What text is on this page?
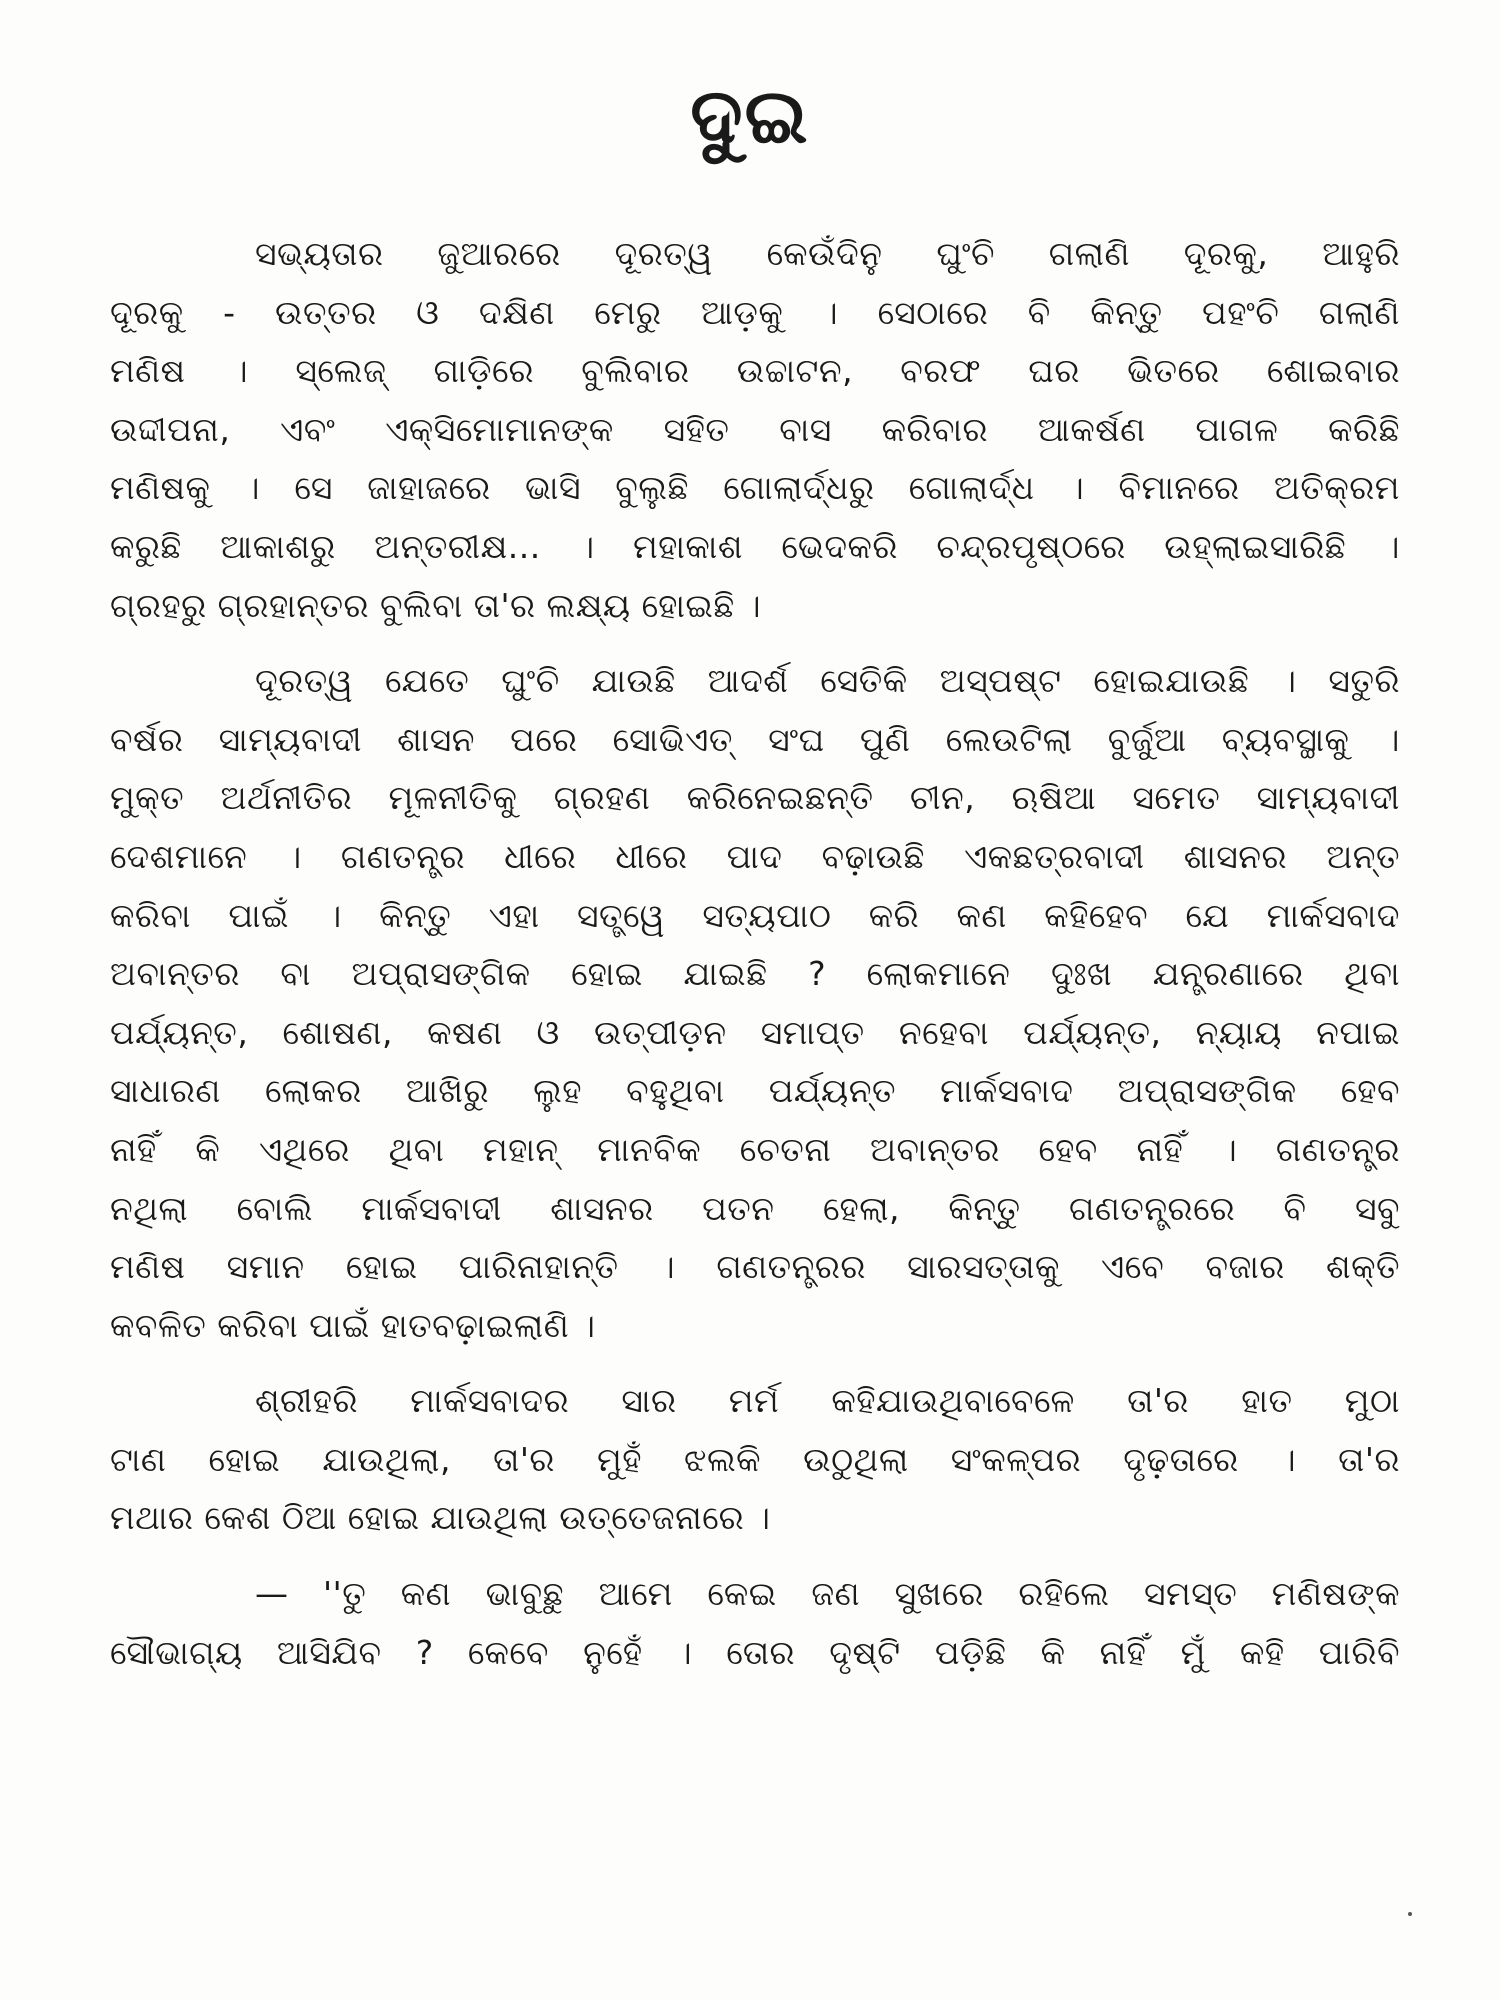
ଦୁଇ
ସଭ୍ୟତାର ଜୁଆରରେ ଦୂରତ୍ୱ କେଉଁଦିନୁ ଘୁଂଚି ଗଲାଣି ଦୂରକୁ, ଆହୁରି
ଦୂରକୁ - ଉତ୍ତର ଓ ଦକ୍ଷିଣ ମେରୁ ଆଡ଼କୁ । ସେଠାରେ ବି କିନ୍ତୁ ପହଂଚି ଗଲାଣି
ମଣିଷ । ସ୍ଲେଜ୍ ଗାଡ଼ିରେ ବୁଲିବାର ଉଚ୍ଚାଟନ, ବରଫ ଘର ଭିତରେ ଶୋଇବାର
ଉଦ୍ଦୀପନା, ଏବଂ ଏକ୍ସିମୋମାନଙ୍କ ସହିତ ବାସ କରିବାର ଆକର୍ଷଣ ପାଗଳ କରିଛି
ମଣିଷକୁ । ସେ ଜାହାଜରେ ଭାସି ବୁଲୁଛି ଗୋଲାର୍ଦ୍ଧରୁ ଗୋଲାର୍ଦ୍ଧ । ବିମାନରେ ଅତିକ୍ରମ
କରୁଛି ଆକାଶରୁ ଅନ୍ତରୀକ୍ଷ... । ମହାକାଶ ଭେଦକରି ଚନ୍ଦ୍ରପୃଷ୍ଠରେ ଉହ୍ଲାଇସାରିଛି ।
ଗ୍ରହରୁ ଗ୍ରହାନ୍ତର ବୁଲିବା ତା'ର ଲକ୍ଷ୍ୟ ହୋଇଛି ।
ଦୂରତ୍ୱ ଯେତେ ଘୁଂଚି ଯାଉଛି ଆଦର୍ଶ ସେତିକି ଅସ୍ପଷ୍ଟ ହୋଇଯାଉଛି । ସତୁରି
ବର୍ଷର ସାମ୍ୟବାଦୀ ଶାସନ ପରେ ସୋଭିଏତ୍ ସଂଘ ପୁଣି ଲେଉଟିଲା ବୁର୍ଜୁଆ ବ୍ୟବସ୍ଥାକୁ ।
ମୁକ୍ତ ଅର୍ଥନୀତିର ମୂଳନୀତିକୁ ଗ୍ରହଣ କରିନେଇଛନ୍ତି ଚୀନ, ଋଷିଆ ସମେତ ସାମ୍ୟବାଦୀ
ଦେଶମାନେ । ଗଣତନ୍ତ୍ର ଧୀରେ ଧୀରେ ପାଦ ବଢ଼ାଉଛି ଏକଛତ୍ରବାଦୀ ଶାସନର ଅନ୍ତ
କରିବା ପାଇଁ । କିନ୍ତୁ ଏହା ସତ୍ତ୍ୱେ ସତ୍ୟପାଠ କରି କଣ କହିହେବ ଯେ ମାର୍କସବାଦ
ଅବାନ୍ତର ବା ଅପ୍ରାସଙ୍ଗିକ ହୋଇ ଯାଇଛି ? ଲୋକମାନେ ଦୁଃଖ ଯନ୍ତ୍ରଣାରେ ଥିବା
ପର୍ଯ୍ୟନ୍ତ, ଶୋଷଣ, କଷଣ ଓ ଉତ୍ପୀଡ଼ନ ସମାପ୍ତ ନହେବା ପର୍ଯ୍ୟନ୍ତ, ନ୍ୟାୟ ନପାଇ
ସାଧାରଣ ଲୋକର ଆଖିରୁ ଲୁହ ବହୁଥିବା ପର୍ଯ୍ୟନ୍ତ ମାର୍କସବାଦ ଅପ୍ରାସଙ୍ଗିକ ହେବ
ନାହିଁ କି ଏଥିରେ ଥିବା ମହାନ୍ ମାନବିକ ଚେତନା ଅବାନ୍ତର ହେବ ନାହିଁ । ଗଣତନ୍ତ୍ର
ନଥିଲା ବୋଲି ମାର୍କସବାଦୀ ଶାସନର ପତନ ହେଲା, କିନ୍ତୁ ଗଣତନ୍ତ୍ରରେ ବି ସବୁ
ମଣିଷ ସମାନ ହୋଇ ପାରିନାହାନ୍ତି । ଗଣତନ୍ତ୍ରର ସାରସତ୍ତାକୁ ଏବେ ବଜାର ଶକ୍ତି
କବଳିତ କରିବା ପାଇଁ ହାତବଢ଼ାଇଲାଣି ।
ଶ୍ରୀହରି ମାର୍କସବାଦର ସାର ମର୍ମ କହିଯାଉଥିବାବେଳେ ତା'ର ହାତ ମୁଠା
ଟାଣ ହୋଇ ଯାଉଥିଲା, ତା'ର ମୁହଁ ଝଲକି ଉଠୁଥିଲା ସଂକଳ୍ପର ଦୃଢ଼ତାରେ । ତା'ର
ମଥାର କେଶ ଠିଆ ହୋଇ ଯାଉଥିଲା ଉତ୍ତେଜନାରେ ।
— ''ତୁ କଣ ଭାବୁଛୁ ଆମେ କେଇ ଜଣ ସୁଖରେ ରହିଲେ ସମସ୍ତ ମଣିଷଙ୍କ
ସୌଭାଗ୍ୟ ଆସିଯିବ ? କେବେ ନୁହେଁ । ତୋର ଦୃଷ୍ଟି ପଡ଼ିଛି କି ନାହିଁ ମୁଁ କହି ପାରିବି
